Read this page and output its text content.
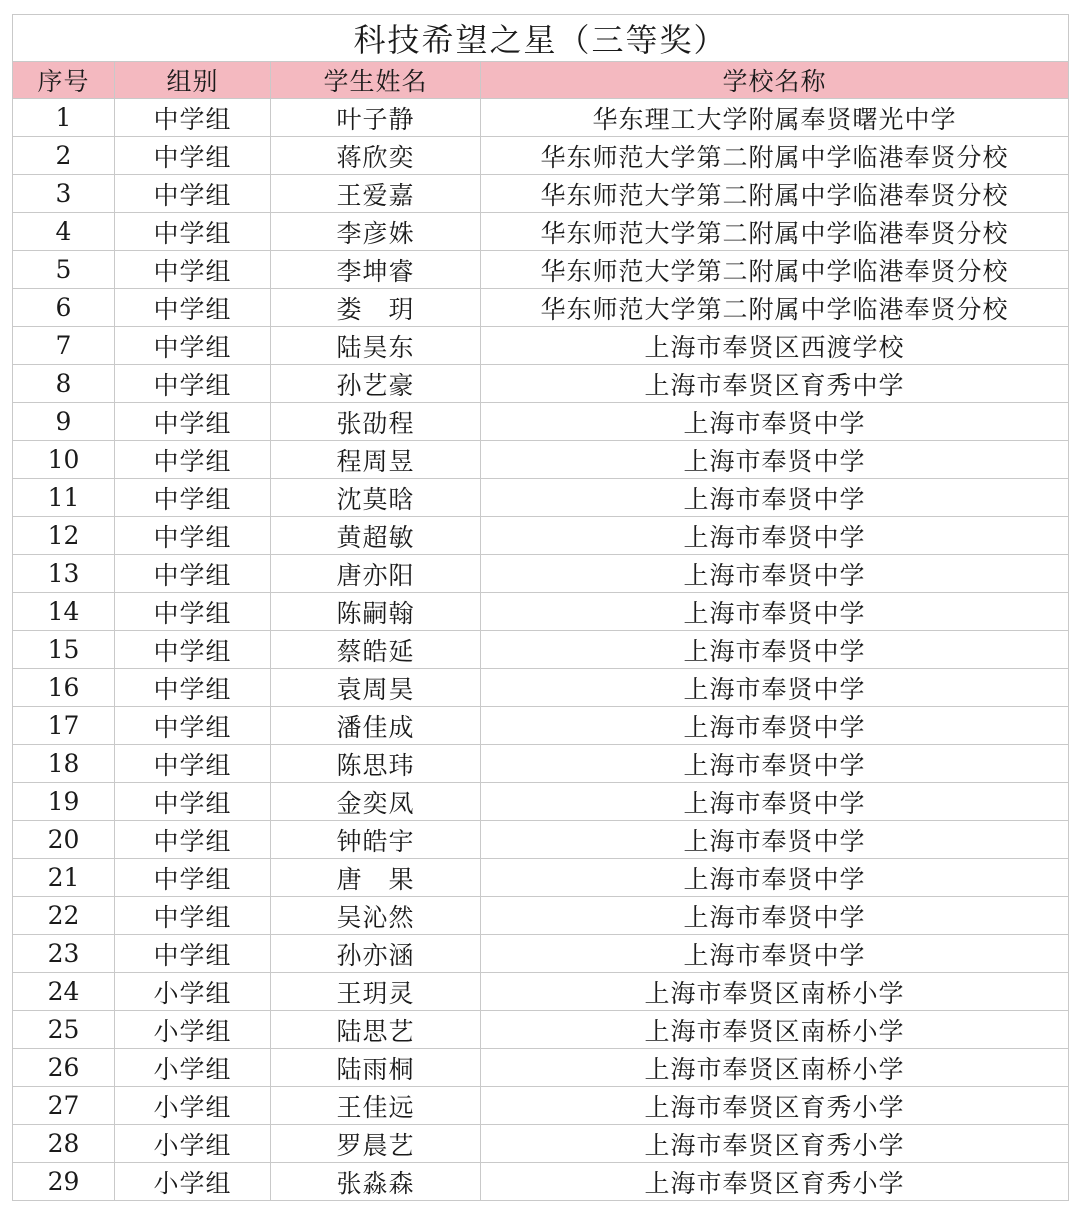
科技希望之星（三等奖）			
序号	组别	学生姓名	学校名称
1	中学组	叶子静	华东理工大学附属奉贤曙光中学
2	中学组	蒋欣奕	华东师范大学第二附属中学临港奉贤分校
3	中学组	王爱嘉	华东师范大学第二附属中学临港奉贤分校
4	中学组	李彦姝	华东师范大学第二附属中学临港奉贤分校
5	中学组	李坤睿	华东师范大学第二附属中学临港奉贤分校
6	中学组	娄　玥	华东师范大学第二附属中学临港奉贤分校
7	中学组	陆昊东	上海市奉贤区西渡学校
8	中学组	孙艺豪	上海市奉贤区育秀中学
9	中学组	张劭程	上海市奉贤中学
10	中学组	程周昱	上海市奉贤中学
11	中学组	沈莫晗	上海市奉贤中学
12	中学组	黄超敏	上海市奉贤中学
13	中学组	唐亦阳	上海市奉贤中学
14	中学组	陈嗣翰	上海市奉贤中学
15	中学组	蔡皓延	上海市奉贤中学
16	中学组	袁周昊	上海市奉贤中学
17	中学组	潘佳成	上海市奉贤中学
18	中学组	陈思玮	上海市奉贤中学
19	中学组	金奕凤	上海市奉贤中学
20	中学组	钟皓宇	上海市奉贤中学
21	中学组	唐　果	上海市奉贤中学
22	中学组	吴沁然	上海市奉贤中学
23	中学组	孙亦涵	上海市奉贤中学
24	小学组	王玥灵	上海市奉贤区南桥小学
25	小学组	陆思艺	上海市奉贤区南桥小学
26	小学组	陆雨桐	上海市奉贤区南桥小学
27	小学组	王佳远	上海市奉贤区育秀小学
28	小学组	罗晨艺	上海市奉贤区育秀小学
29	小学组	张淼森	上海市奉贤区育秀小学
